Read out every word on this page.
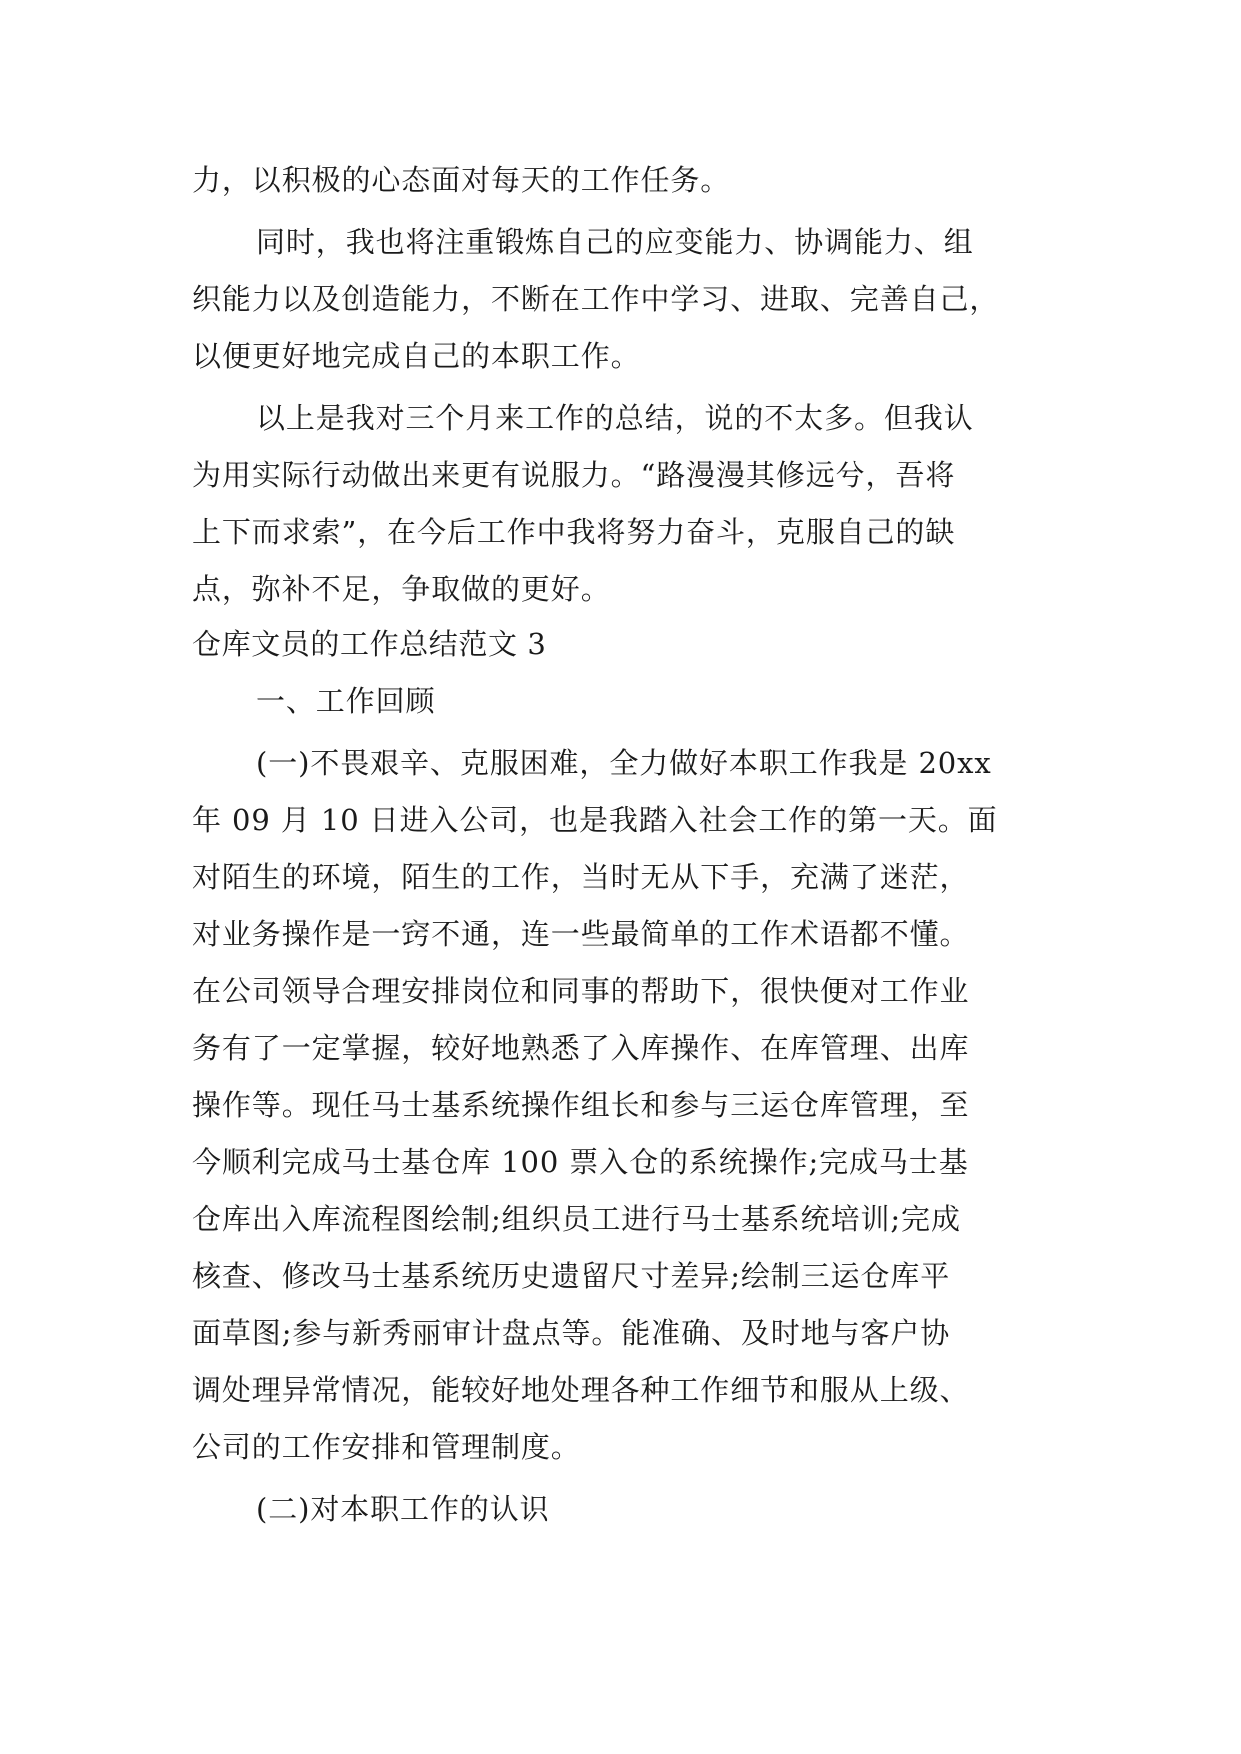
力，以积极的心态面对每天的工作任务。
同时，我也将注重锻炼自己的应变能力、协调能力、组
织能力以及创造能力，不断在工作中学习、进取、完善自己，
以便更好地完成自己的本职工作。
以上是我对三个月来工作的总结，说的不太多。但我认
为用实际行动做出来更有说服力。“路漫漫其修远兮，吾将
上下而求索”，在今后工作中我将努力奋斗，克服自己的缺
点，弥补不足，争取做的更好。
仓库文员的工作总结范文 3
一、工作回顾
(一)不畏艰辛、克服困难，全力做好本职工作我是 20xx
年 09 月 10 日进入公司，也是我踏入社会工作的第一天。面
对陌生的环境，陌生的工作，当时无从下手，充满了迷茫，
对业务操作是一窍不通，连一些最简单的工作术语都不懂。
在公司领导合理安排岗位和同事的帮助下，很快便对工作业
务有了一定掌握，较好地熟悉了入库操作、在库管理、出库
操作等。现任马士基系统操作组长和参与三运仓库管理，至
今顺利完成马士基仓库 100 票入仓的系统操作;完成马士基
仓库出入库流程图绘制;组织员工进行马士基系统培训;完成
核查、修改马士基系统历史遗留尺寸差异;绘制三运仓库平
面草图;参与新秀丽审计盘点等。能准确、及时地与客户协
调处理异常情况，能较好地处理各种工作细节和服从上级、
公司的工作安排和管理制度。
(二)对本职工作的认识
